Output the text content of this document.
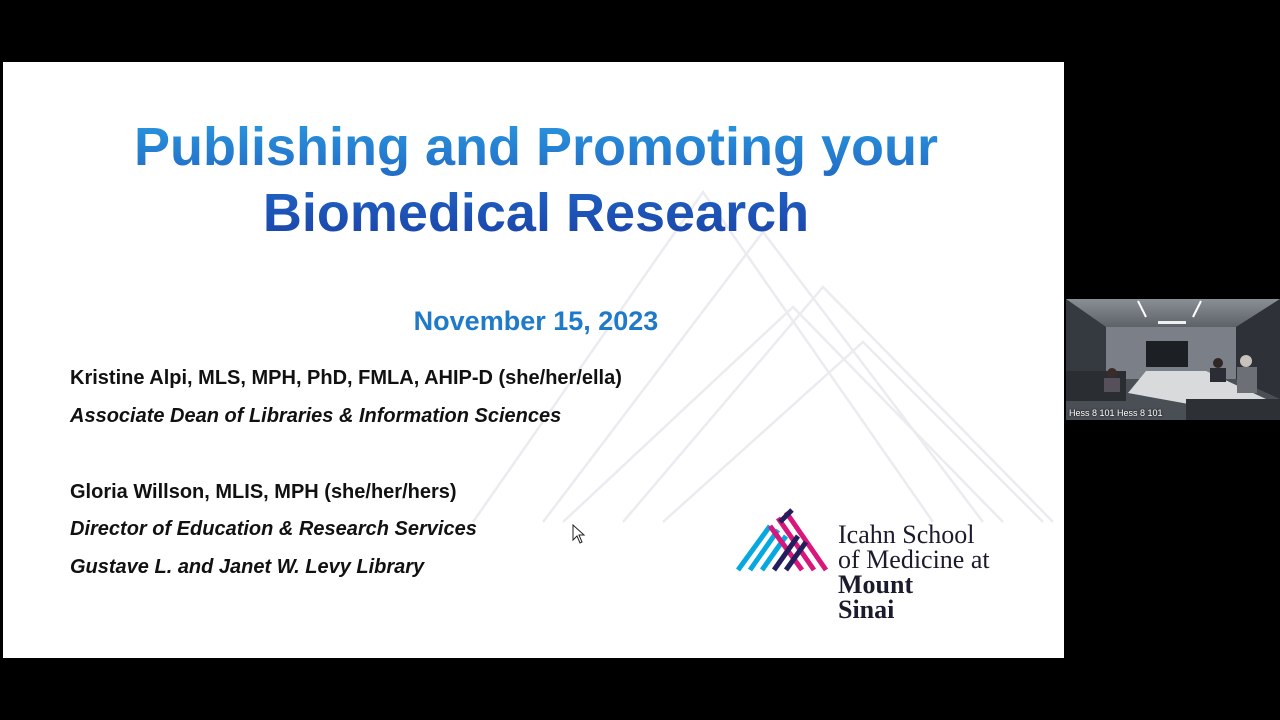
Publishing and Promoting your
Biomedical Research
November 15, 2023
Kristine Alpi, MLS, MPH, PhD, FMLA, AHIP-D (she/her/ella)
Associate Dean of Libraries & Information Sciences
Gloria Willson, MLIS, MPH (she/her/hers)
Director of Education & Research Services
Gustave L. and Janet W. Levy Library
Icahn School
of Medicine at
Mount
Sinai
Hess 8 101 Hess 8 101
